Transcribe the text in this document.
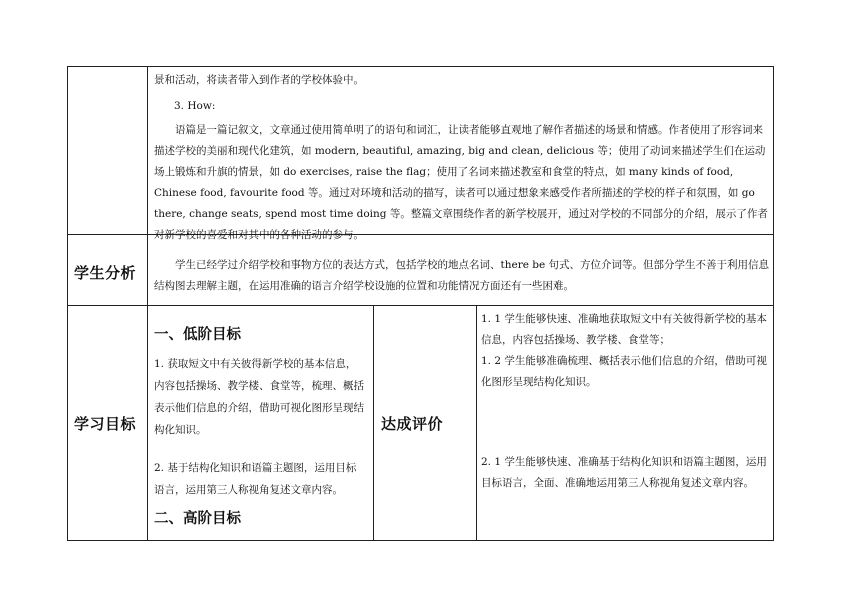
景和活动，将读者带入到作者的学校体验中。

3. How:

语篇是一篇记叙文，文章通过使用简单明了的语句和词汇，让读者能够直观地了解作者描述的场景和情感。作者使用了形容词来描述学校的美丽和现代化建筑，如 modern, beautiful, amazing, big and clean, delicious 等；使用了动词来描述学生们在运动场上锻炼和升旗的情景，如 do exercises, raise the flag；使用了名词来描述教室和食堂的特点，如 many kinds of food, Chinese food, favourite food 等。通过对环境和活动的描写，读者可以通过想象来感受作者所描述的学校的样子和氛围，如 go there, change seats, spend most time doing 等。整篇文章围绕作者的新学校展开，通过对学校的不同部分的介绍，展示了作者对新学校的喜爱和对其中的各种活动的参与。

学生分析	学生已经学过介绍学校和事物方位的表达方式，包括学校的地点名词、there be 句式、方位介词等。但部分学生不善于利用信息结构图去理解主题，在运用准确的语言介绍学校设施的位置和功能情况方面还有一些困难。

学习目标
一、低阶目标

1. 获取短文中有关彼得新学校的基本信息，内容包括操场、教学楼、食堂等，梳理、概括表示他们信息的介绍，借助可视化图形呈现结构化知识。

2. 基于结构化知识和语篇主题图，运用目标语言，运用第三人称视角复述文章内容。

二、高阶目标
达成评价

1. 1 学生能够快速、准确地获取短文中有关彼得新学校的基本信息，内容包括操场、教学楼、食堂等；

1. 2 学生能够准确梳理、概括表示他们信息的介绍，借助可视化图形呈现结构化知识。

2. 1 学生能够快速、准确基于结构化知识和语篇主题图，运用目标语言，全面、准确地运用第三人称视角复述文章内容。
